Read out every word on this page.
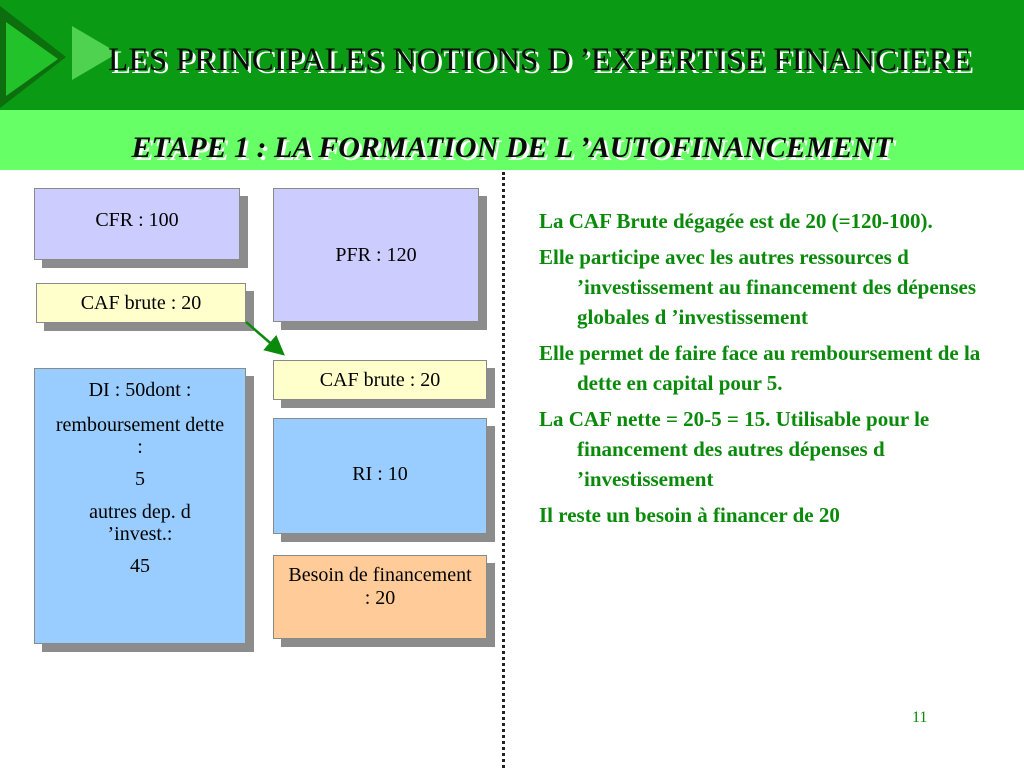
LES PRINCIPALES NOTIONS D ’EXPERTISE FINANCIERE
ETAPE 1 : LA FORMATION DE L ’AUTOFINANCEMENT
CFR : 100
PFR : 120
CAF brute : 20
CAF brute : 20

DI : 50dont :

remboursement dette :

5

autres dep. d ’invest.:

45

RI : 10
Besoin de financement : 20

La CAF Brute dégagée est de 20 (=120-100).

Elle participe avec les autres ressources d ’investissement au financement des dépenses globales d ’investissement

Elle permet de faire face au remboursement de la dette en capital pour 5.

La CAF nette = 20-5 = 15. Utilisable pour le financement des autres dépenses d ’investissement

Il reste un besoin à financer de 20

11
